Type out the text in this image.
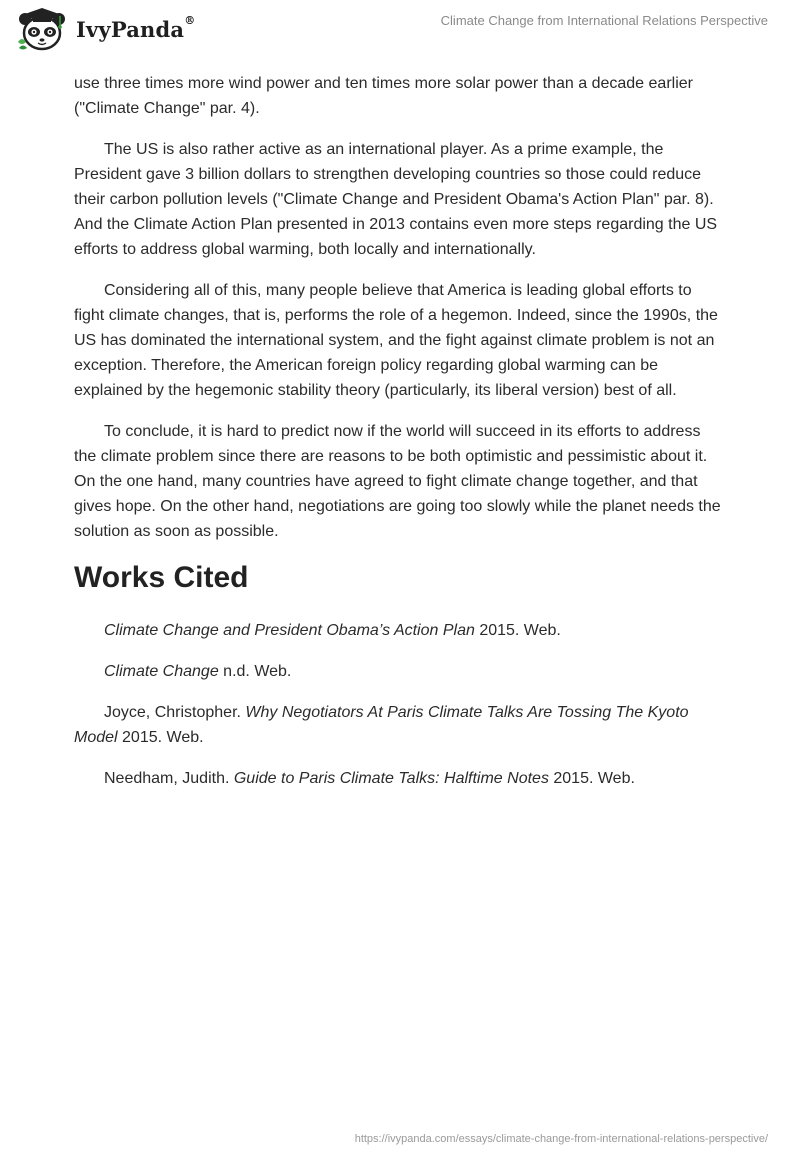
IvyPanda®	Climate Change from International Relations Perspective

use three times more wind power and ten times more solar power than a decade earlier ("Climate Change" par. 4).

The US is also rather active as an international player. As a prime example, the President gave 3 billion dollars to strengthen developing countries so those could reduce their carbon pollution levels ("Climate Change and President Obama's Action Plan" par. 8). And the Climate Action Plan presented in 2013 contains even more steps regarding the US efforts to address global warming, both locally and internationally.

Considering all of this, many people believe that America is leading global efforts to fight climate changes, that is, performs the role of a hegemon. Indeed, since the 1990s, the US has dominated the international system, and the fight against climate problem is not an exception. Therefore, the American foreign policy regarding global warming can be explained by the hegemonic stability theory (particularly, its liberal version) best of all.

To conclude, it is hard to predict now if the world will succeed in its efforts to address the climate problem since there are reasons to be both optimistic and pessimistic about it. On the one hand, many countries have agreed to fight climate change together, and that gives hope. On the other hand, negotiations are going too slowly while the planet needs the solution as soon as possible.

Works Cited

Climate Change and President Obama’s Action Plan 2015. Web.

Climate Change n.d. Web.

Joyce, Christopher. Why Negotiators At Paris Climate Talks Are Tossing The Kyoto Model 2015. Web.

Needham, Judith. Guide to Paris Climate Talks: Halftime Notes 2015. Web.

https://ivypanda.com/essays/climate-change-from-international-relations-perspective/
